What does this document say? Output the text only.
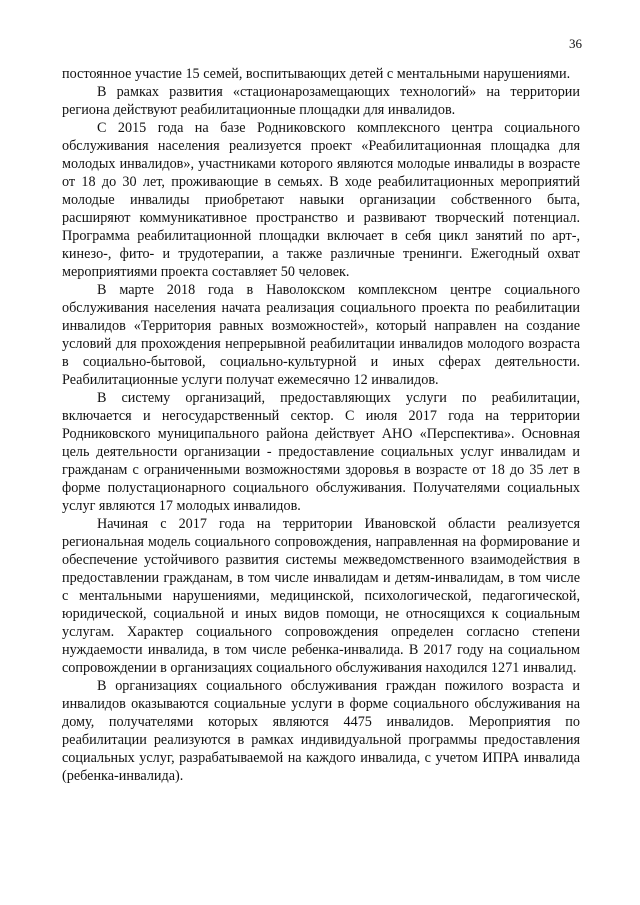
36

постоянное участие 15 семей, воспитывающих детей с ментальными нарушениями.

В рамках развития «стационарозамещающих технологий» на территории региона действуют реабилитационные площадки для инвалидов.

С 2015 года на базе Родниковского комплексного центра социального обслуживания населения реализуется проект «Реабилитационная площадка для молодых инвалидов», участниками которого являются молодые инвалиды в возрасте от 18 до 30 лет, проживающие в семьях. В ходе реабилитационных мероприятий молодые инвалиды приобретают навыки организации собственного быта, расширяют коммуникативное пространство и развивают творческий потенциал. Программа реабилитационной площадки включает в себя цикл занятий по арт-, кинезо-, фито- и трудотерапии, а также различные тренинги. Ежегодный охват мероприятиями проекта составляет 50 человек.

В марте 2018 года в Наволокском комплексном центре социального обслуживания населения начата реализация социального проекта по реабилитации инвалидов «Территория равных возможностей», который направлен на создание условий для прохождения непрерывной реабилитации инвалидов молодого возраста в социально-бытовой, социально-культурной и иных сферах деятельности. Реабилитационные услуги получат ежемесячно 12 инвалидов.

В систему организаций, предоставляющих услуги по реабилитации, включается и негосударственный сектор. С июля 2017 года на территории Родниковского муниципального района действует АНО «Перспектива». Основная цель деятельности организации - предоставление социальных услуг инвалидам и гражданам с ограниченными возможностями здоровья в возрасте от 18 до 35 лет в форме полустационарного социального обслуживания. Получателями социальных услуг являются 17 молодых инвалидов.

Начиная с 2017 года на территории Ивановской области реализуется региональная модель социального сопровождения, направленная на формирование и обеспечение устойчивого развития системы межведомственного взаимодействия в предоставлении гражданам, в том числе инвалидам и детям-инвалидам, в том числе с ментальными нарушениями, медицинской, психологической, педагогической, юридической, социальной и иных видов помощи, не относящихся к социальным услугам. Характер социального сопровождения определен согласно степени нуждаемости инвалида, в том числе ребенка-инвалида. В 2017 году на социальном сопровождении в организациях социального обслуживания находился 1271 инвалид.

В организациях социального обслуживания граждан пожилого возраста и инвалидов оказываются социальные услуги в форме социального обслуживания на дому, получателями которых являются 4475 инвалидов. Мероприятия по реабилитации реализуются в рамках индивидуальной программы предоставления социальных услуг, разрабатываемой на каждого инвалида, с учетом ИПРА инвалида (ребенка-инвалида).
